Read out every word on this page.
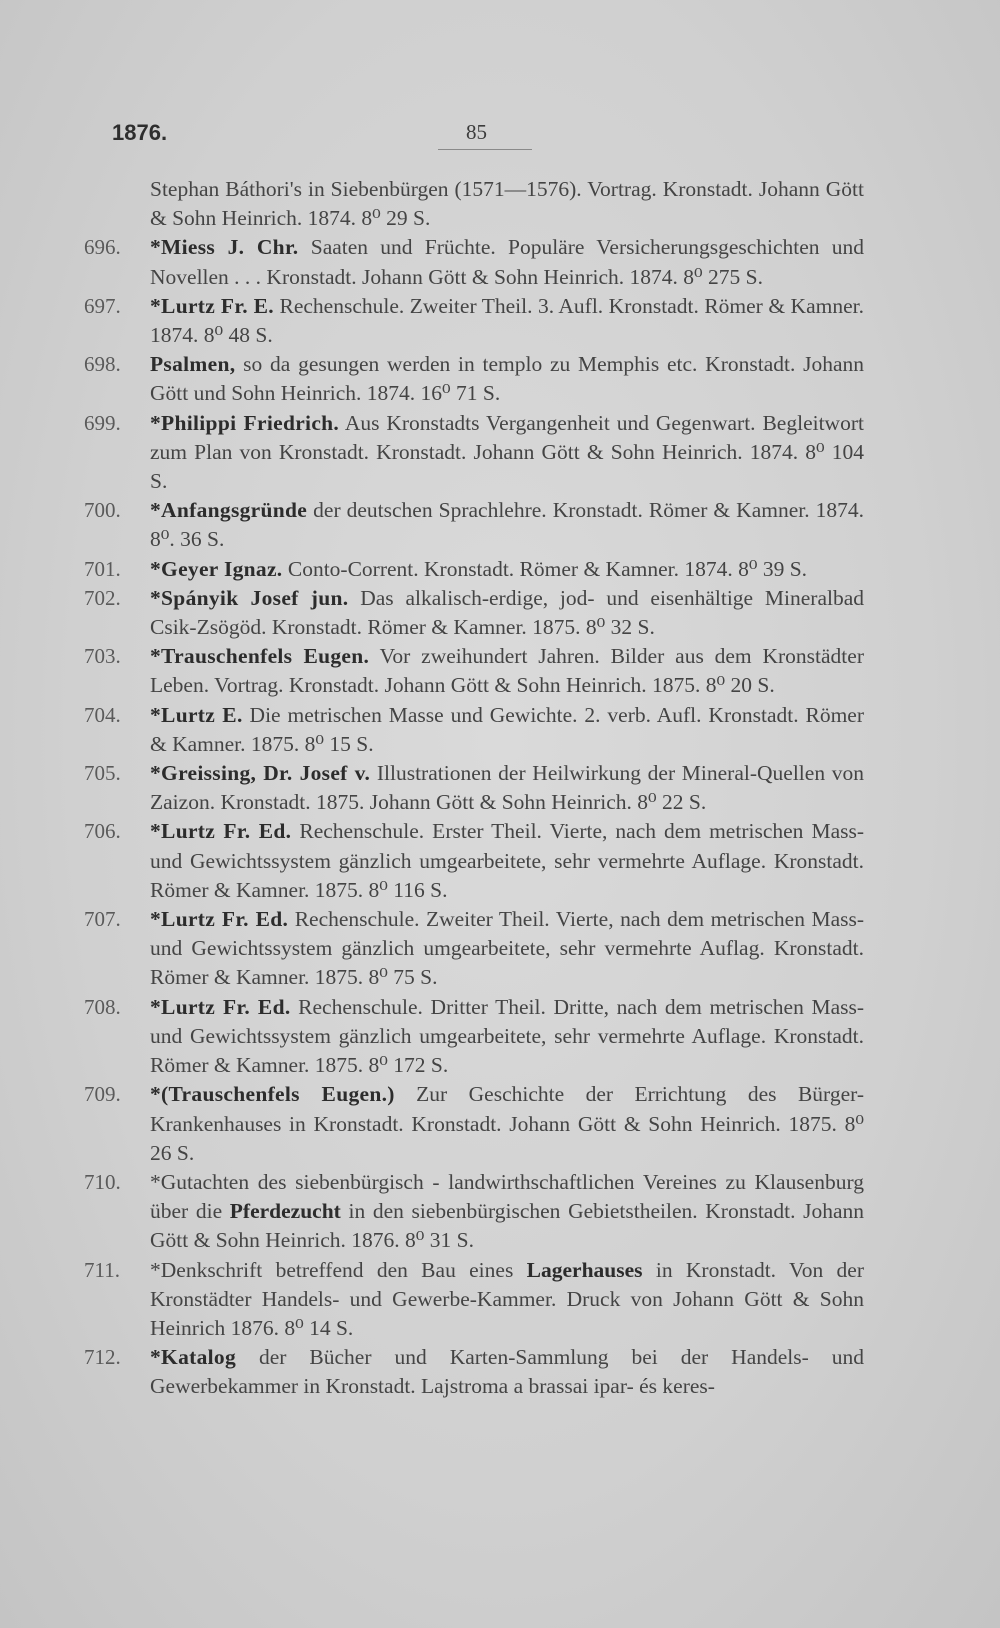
1876.	85
Stephan Báthori's in Siebenbürgen (1571—1576). Vortrag. Kronstadt. Johann Gött & Sohn Heinrich. 1874. 8⁰ 29 S.
696.	*Miess J. Chr. Saaten und Früchte. Populäre Versicherungsgeschichten und Novellen . . . Kronstadt. Johann Gött & Sohn Heinrich. 1874. 8⁰ 275 S.
697.	*Lurtz Fr. E. Rechenschule. Zweiter Theil. 3. Aufl. Kronstadt. Römer & Kamner. 1874. 8⁰ 48 S.
698.	Psalmen, so da gesungen werden in templo zu Memphis etc. Kronstadt. Johann Gött und Sohn Heinrich. 1874. 16⁰ 71 S.
699.	*Philippi Friedrich. Aus Kronstadts Vergangenheit und Gegenwart. Begleitwort zum Plan von Kronstadt. Kronstadt. Johann Gött & Sohn Heinrich. 1874. 8⁰ 104 S.
700.	*Anfangsgründe der deutschen Sprachlehre. Kronstadt. Römer & Kamner. 1874. 8⁰. 36 S.
701.	*Geyer Ignaz. Conto-Corrent. Kronstadt. Römer & Kamner. 1874. 8⁰ 39 S.
702.	*Spányik Josef jun. Das alkalisch-erdige, jod- und eisenhältige Mineralbad Csik-Zsögöd. Kronstadt. Römer & Kamner. 1875. 8⁰ 32 S.
703.	*Trauschenfels Eugen. Vor zweihundert Jahren. Bilder aus dem Kronstädter Leben. Vortrag. Kronstadt. Johann Gött & Sohn Heinrich. 1875. 8⁰ 20 S.
704.	*Lurtz E. Die metrischen Masse und Gewichte. 2. verb. Aufl. Kronstadt. Römer & Kamner. 1875. 8⁰ 15 S.
705.	*Greissing, Dr. Josef v. Illustrationen der Heilwirkung der Mineral-Quellen von Zaizon. Kronstadt. 1875. Johann Gött & Sohn Heinrich. 8⁰ 22 S.
706.	*Lurtz Fr. Ed. Rechenschule. Erster Theil. Vierte, nach dem metrischen Mass- und Gewichtssystem gänzlich umgearbeitete, sehr vermehrte Auflage. Kronstadt. Römer & Kamner. 1875. 8⁰ 116 S.
707.	*Lurtz Fr. Ed. Rechenschule. Zweiter Theil. Vierte, nach dem metrischen Mass- und Gewichtssystem gänzlich umgearbeitete, sehr vermehrte Auflag. Kronstadt. Römer & Kamner. 1875. 8⁰ 75 S.
708.	*Lurtz Fr. Ed. Rechenschule. Dritter Theil. Dritte, nach dem metrischen Mass- und Gewichtssystem gänzlich umgearbeitete, sehr vermehrte Auflage. Kronstadt. Römer & Kamner. 1875. 8⁰ 172 S.
709.	*(Trauschenfels Eugen.) Zur Geschichte der Errichtung des Bürger-Krankenhauses in Kronstadt. Kronstadt. Johann Gött & Sohn Heinrich. 1875. 8⁰ 26 S.
710.	*Gutachten des siebenbürgisch - landwirthschaftlichen Vereines zu Klausenburg über die Pferdezucht in den siebenbürgischen Gebietstheilen. Kronstadt. Johann Gött & Sohn Heinrich. 1876. 8⁰ 31 S.
711.	*Denkschrift betreffend den Bau eines Lagerhauses in Kronstadt. Von der Kronstädter Handels- und Gewerbe-Kammer. Druck von Johann Gött & Sohn Heinrich 1876. 8⁰ 14 S.
712.	*Katalog der Bücher und Karten-Sammlung bei der Handels- und Gewerbekammer in Kronstadt. Lajstroma a brassai ipar- és keres-
